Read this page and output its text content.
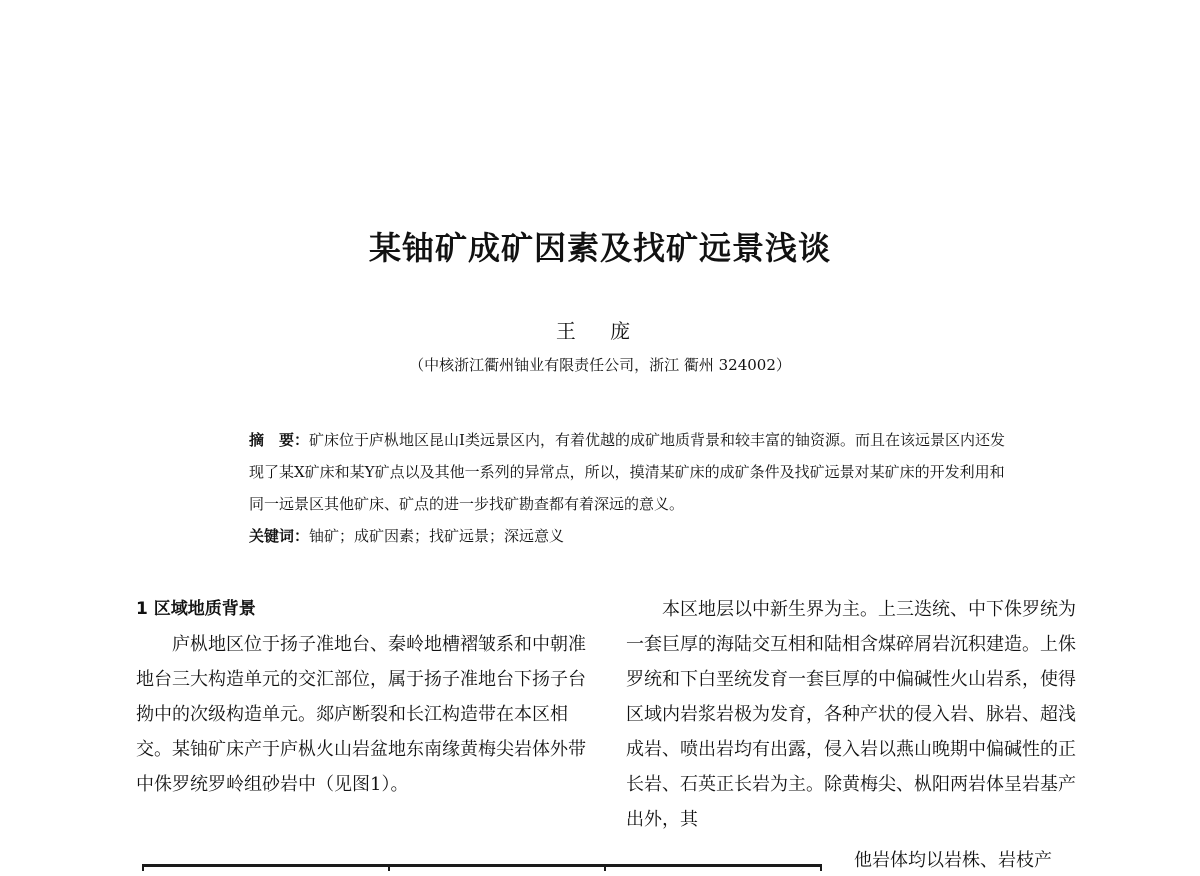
某铀矿成矿因素及找矿远景浅谈
王 庞
（中核浙江衢州铀业有限责任公司，浙江 衢州 324002）

摘　要：矿床位于庐枞地区昆山Ⅰ类远景区内，有着优越的成矿地质背景和较丰富的铀资源。而且在该远景区内还发现了某X矿床和某Y矿点以及其他一系列的异常点，所以，摸清某矿床的成矿条件及找矿远景对某矿床的开发利用和同一远景区其他矿床、矿点的进一步找矿勘查都有着深远的意义。

关键词：铀矿；成矿因素；找矿远景；深远意义

1 区域地质背景

庐枞地区位于扬子准地台、秦岭地槽褶皱系和中朝准地台三大构造单元的交汇部位，属于扬子准地台下扬子台拗中的次级构造单元。郯庐断裂和长江构造带在本区相交。某铀矿床产于庐枞火山岩盆地东南缘黄梅尖岩体外带中侏罗统罗岭组砂岩中（见图1）。

本区地层以中新生界为主。上三迭统、中下侏罗统为一套巨厚的海陆交互相和陆相含煤碎屑岩沉积建造。上侏罗统和下白垩统发育一套巨厚的中偏碱性火山岩系，使得区域内岩浆岩极为发育，各种产状的侵入岩、脉岩、超浅成岩、喷出岩均有出露，侵入岩以燕山晚期中偏碱性的正长岩、石英正长岩为主。除黄梅尖、枞阳两岩体呈岩基产出外，其

他岩体均以岩株、岩枝产
